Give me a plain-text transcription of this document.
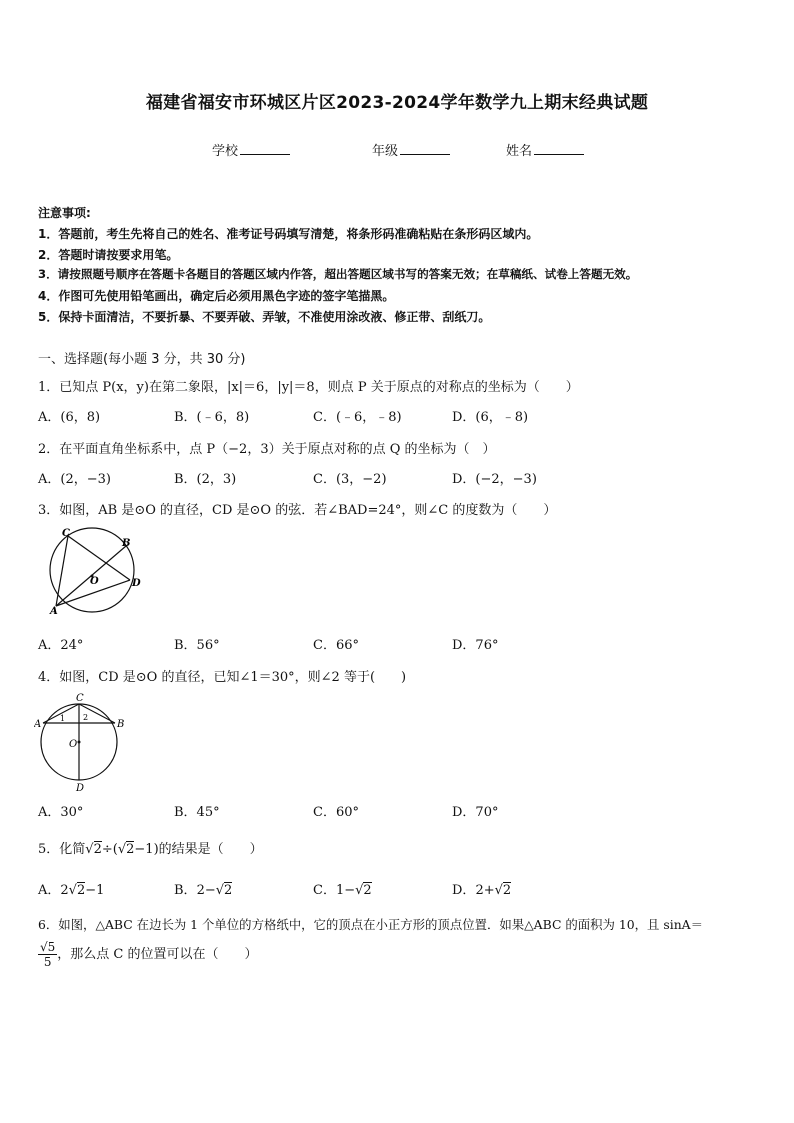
福建省福安市环城区片区2023-2024学年数学九上期末经典试题
学校	年级	姓名
注意事项:
1．答题前，考生先将自己的姓名、准考证号码填写清楚，将条形码准确粘贴在条形码区域内。
2．答题时请按要求用笔。
3．请按照题号顺序在答题卡各题目的答题区域内作答，超出答题区域书写的答案无效；在草稿纸、试卷上答题无效。
4．作图可先使用铅笔画出，确定后必须用黑色字迹的签字笔描黑。
5．保持卡面清洁，不要折暴、不要弄破、弄皱，不准使用涂改液、修正带、刮纸刀。
一、选择题(每小题 3 分，共 30 分)
1．已知点 P(x，y)在第二象限，|x|＝6，|y|＝8，则点 P 关于原点的对称点的坐标为（　　）
A．(6，8)	B．(﹣6，8)	C．(﹣6，﹣8)	D．(6，﹣8)
2．在平面直角坐标系中，点 P（−2，3）关于原点对称的点 Q 的坐标为（　）
A．(2，−3)	B．(2，3)	C．(3，−2)	D．(−2，−3)
3．如图，AB 是⊙O 的直径，CD 是⊙O 的弦．若∠BAD=24°，则∠C 的度数为（　　）
C
B
D
O
A
A．24°	B．56°	C．66°	D．76°
4．如图，CD 是⊙O 的直径，已知∠1＝30°，则∠2 等于(　　)
C
A	B
O
D
1 2
A．30°	B．45°	C．60°	D．70°
5．化简√2÷(√2−1)的结果是（　　）
A．2√2−1	B．2−√2	C．1−√2	D．2+√2
6．如图，△ABC 在边长为 1 个单位的方格纸中，它的顶点在小正方形的顶点位置．如果△ABC 的面积为 10，且 sinA＝
$\frac{√5}{5}$ ，那么点 C 的位置可以在（　　）
